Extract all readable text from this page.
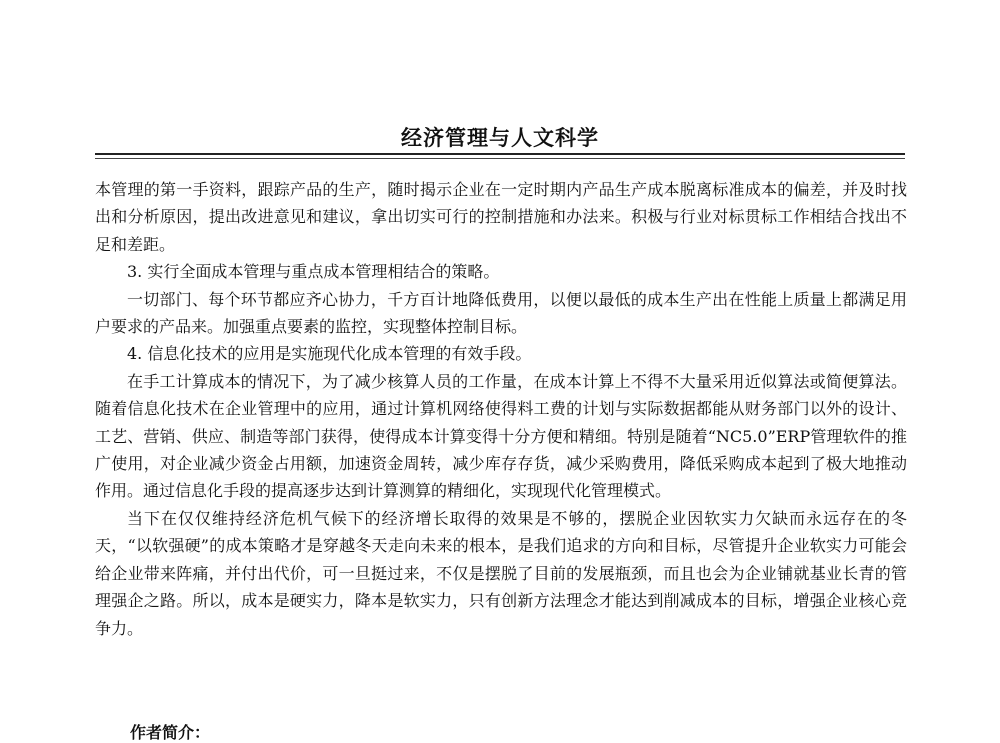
经济管理与人文科学

本管理的第一手资料，跟踪产品的生产，随时揭示企业在一定时期内产品生产成本脱离标准成本的偏差，并及时找出和分析原因，提出改进意见和建议，拿出切实可行的控制措施和办法来。积极与行业对标贯标工作相结合找出不足和差距。

3. 实行全面成本管理与重点成本管理相结合的策略。

一切部门、每个环节都应齐心协力，千方百计地降低费用，以便以最低的成本生产出在性能上质量上都满足用户要求的产品来。加强重点要素的监控，实现整体控制目标。

4. 信息化技术的应用是实施现代化成本管理的有效手段。

在手工计算成本的情况下，为了减少核算人员的工作量，在成本计算上不得不大量采用近似算法或简便算法。随着信息化技术在企业管理中的应用，通过计算机网络使得料工费的计划与实际数据都能从财务部门以外的设计、工艺、营销、供应、制造等部门获得，使得成本计算变得十分方便和精细。特别是随着“NC5.0”ERP管理软件的推广使用，对企业减少资金占用额，加速资金周转，减少库存存货，减少采购费用，降低采购成本起到了极大地推动作用。通过信息化手段的提高逐步达到计算测算的精细化，实现现代化管理模式。

当下在仅仅维持经济危机气候下的经济增长取得的效果是不够的，摆脱企业因软实力欠缺而永远存在的冬天，“以软强硬”的成本策略才是穿越冬天走向未来的根本，是我们追求的方向和目标，尽管提升企业软实力可能会给企业带来阵痛，并付出代价，可一旦挺过来，不仅是摆脱了目前的发展瓶颈，而且也会为企业铺就基业长青的管理强企之路。所以，成本是硬实力，降本是软实力，只有创新方法理念才能达到削减成本的目标，增强企业核心竞争力。

作者简介：
